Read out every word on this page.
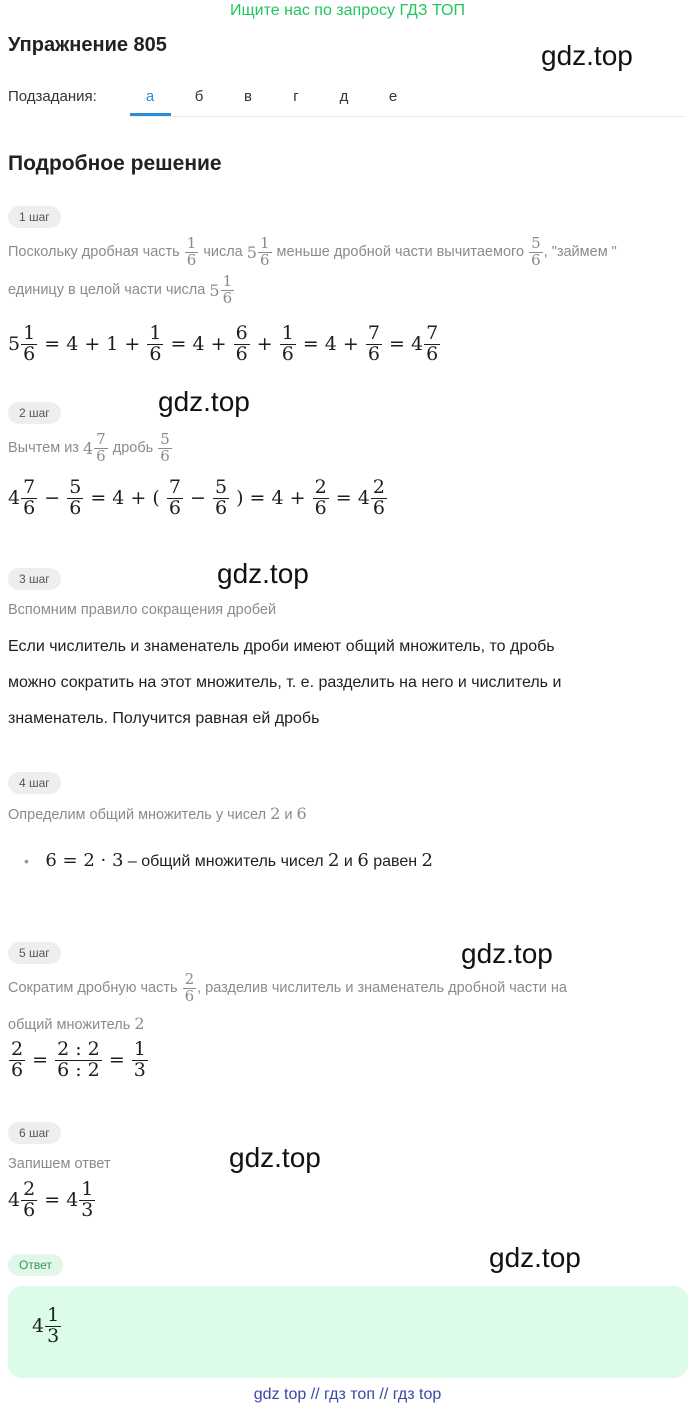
Ищите нас по запросу ГДЗ ТОП
Упражнение 805	gdz.top
Подзадания:	а	б	в	г	д	е
Подробное решение
1 шаг
Поскольку дробная часть $\frac{1}{6}$ числа $5 \frac{1}{6}$ меньше дробной части вычитаемого $\frac{5}{6}$ , "займем "
единицу в целой части числа $5 \frac{1}{6}$
$5 \frac{1}{6} = 4 + 1 + \frac{1}{6} = 4 + \frac{6}{6} + \frac{1}{6} = 4 + \frac{7}{6} = 4 \frac{7}{6}$
gdz.top
2 шаг
Вычтем из $4 \frac{7}{6}$ дробь $\frac{5}{6}$
$4 \frac{7}{6} - \frac{5}{6} = 4$ + ( $\frac{7}{6} - \frac{5}{6}$ ) = $4 + \frac{2}{6} = 4 \frac{2}{6}$
3 шаг	gdz.top
Вспомним правило сокращения дробей
Если числитель и знаменатель дроби имеют общий множитель, то дробь
можно сократить на этот множитель, т. е. разделить на него и числитель и
знаменатель. Получится равная ей дробь
4 шаг
Определим общий множитель у чисел 2 и 6
• 6 = 2 · 3 – общий множитель чисел 2 и 6 равен 2
5 шаг	gdz.top
Сократим дробную часть $\frac{2}{6}$ , разделив числитель и знаменатель дробной части на
общий множитель 2
$\frac{2}{6} = \frac{2 : 2}{6 : 2} = \frac{1}{3}$
6 шаг
gdz.top
Запишем ответ
$4 \frac{2}{6} = 4 \frac{1}{3}$
Ответ	gdz.top
$4 \frac{1}{3}$
gdz top // гдз топ // гдз top
